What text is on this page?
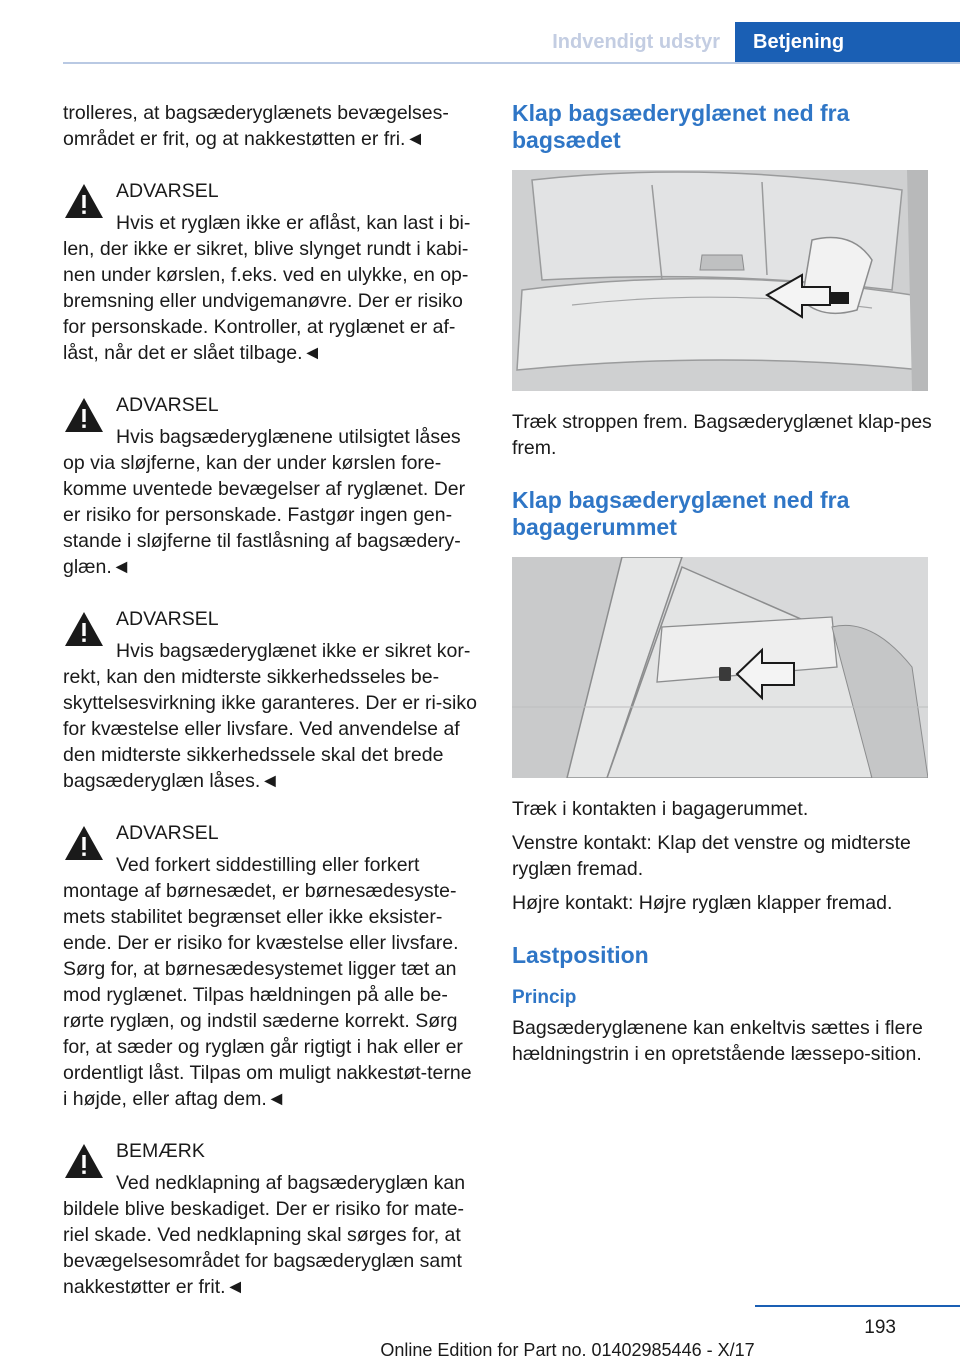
Indvendigt udstyr	Betjening

trolleres, at bagsæderyglænets bevægelses-området er frit, og at nakkestøtten er fri.◄

ADVARSEL

Hvis et ryglæn ikke er aflåst, kan last i bi-len, der ikke er sikret, blive slynget rundt i kabi-nen under kørslen, f.eks. ved en ulykke, en op-bremsning eller undvigemanøvre. Der er risiko for personskade. Kontroller, at ryglænet er af-låst, når det er slået tilbage.◄

ADVARSEL

Hvis bagsæderyglænene utilsigtet låses op via sløjferne, kan der under kørslen fore-komme uventede bevægelser af ryglænet. Der er risiko for personskade. Fastgør ingen gen-stande i sløjferne til fastlåsning af bagsædery-glæn.◄

ADVARSEL

Hvis bagsæderyglænet ikke er sikret kor-rekt, kan den midterste sikkerhedsseles be-skyttelsesvirkning ikke garanteres. Der er ri-siko for kvæstelse eller livsfare. Ved anvendelse af den midterste sikkerhedssele skal det brede bagsæderyglæn låses.◄

ADVARSEL

Ved forkert siddestilling eller forkert montage af børnesædet, er børnesædesyste-mets stabilitet begrænset eller ikke eksister-ende. Der er risiko for kvæstelse eller livsfare. Sørg for, at børnesædesystemet ligger tæt an mod ryglænet. Tilpas hældningen på alle be-rørte ryglæn, og indstil sæderne korrekt. Sørg for, at sæder og ryglæn går rigtigt i hak eller er ordentligt låst. Tilpas om muligt nakkestøt-terne i højde, eller aftag dem.◄

BEMÆRK

Ved nedklapning af bagsæderyglæn kan bildele blive beskadiget. Der er risiko for mate-riel skade. Ved nedklapning skal sørges for, at bevægelsesområdet for bagsæderyglæn samt nakkestøtter er frit.◄

Klap bagsæderyglænet ned fra bagsædet

Træk stroppen frem. Bagsæderyglænet klap-pes frem.

Klap bagsæderyglænet ned fra bagagerummet

Træk i kontakten i bagagerummet.

Venstre kontakt: Klap det venstre og midterste ryglæn fremad.

Højre kontakt: Højre ryglæn klapper fremad.

Lastposition
Princip

Bagsæderyglænene kan enkeltvis sættes i flere hældningstrin i en opretstående læssepo-sition.

193
Online Edition for Part no. 01402985446 - X/17
